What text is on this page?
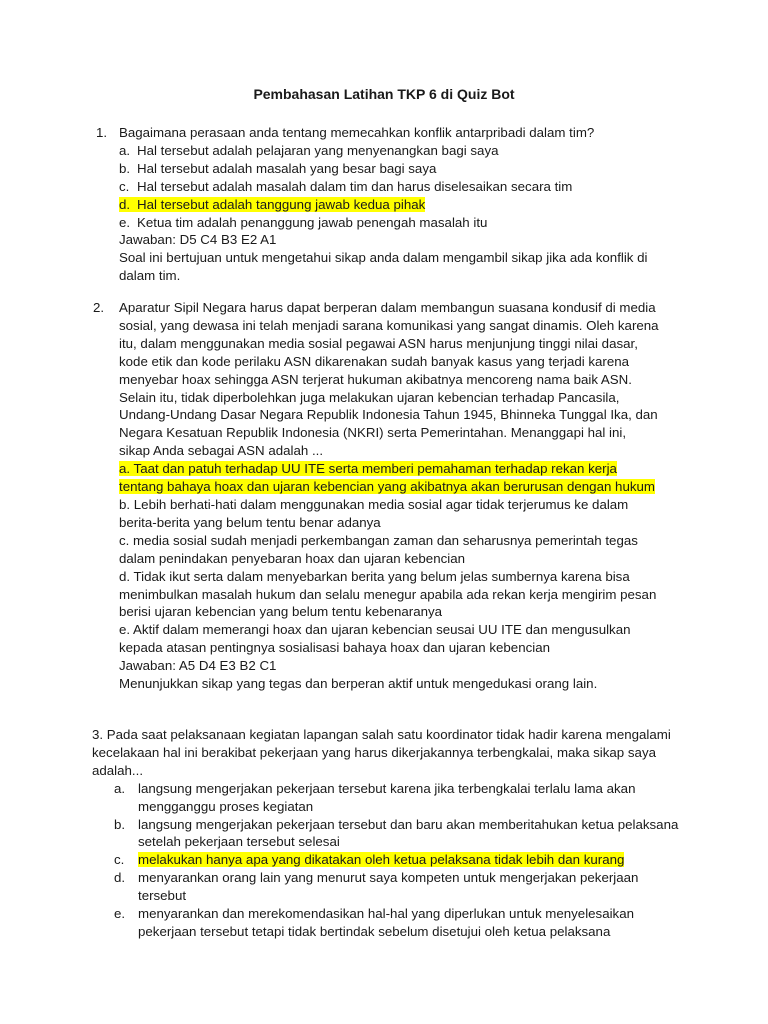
Pembahasan Latihan TKP 6 di Quiz Bot
1. Bagaimana perasaan anda tentang memecahkan konflik antarpribadi dalam tim?

a. Hal tersebut adalah pelajaran yang menyenangkan bagi saya

b. Hal tersebut adalah masalah yang besar bagi saya

c. Hal tersebut adalah masalah dalam tim dan harus diselesaikan secara tim

d. Hal tersebut adalah tanggung jawab kedua pihak

e. Ketua tim adalah penanggung jawab penengah masalah itu

Jawaban: D5 C4 B3 E2 A1

Soal ini bertujuan untuk mengetahui sikap anda dalam mengambil sikap jika ada konflik di dalam tim.

2. Aparatur Sipil Negara harus dapat berperan dalam membangun suasana kondusif di media sosial, yang dewasa ini telah menjadi sarana komunikasi yang sangat dinamis. Oleh karena itu, dalam menggunakan media sosial pegawai ASN harus menjunjung tinggi nilai dasar, kode etik dan kode perilaku ASN dikarenakan sudah banyak kasus yang terjadi karena menyebar hoax sehingga ASN terjerat hukuman akibatnya mencoreng nama baik ASN. Selain itu, tidak diperbolehkan juga melakukan ujaran kebencian terhadap Pancasila, Undang-Undang Dasar Negara Republik Indonesia Tahun 1945, Bhinneka Tunggal Ika, dan Negara Kesatuan Republik Indonesia (NKRI) serta Pemerintahan. Menanggapi hal ini, sikap Anda sebagai ASN adalah ...

a. Taat dan patuh terhadap UU ITE serta memberi pemahaman terhadap rekan kerja tentang bahaya hoax dan ujaran kebencian yang akibatnya akan berurusan dengan hukum

b. Lebih berhati-hati dalam menggunakan media sosial agar tidak terjerumus ke dalam berita-berita yang belum tentu benar adanya

c. media sosial sudah menjadi perkembangan zaman dan seharusnya pemerintah tegas dalam penindakan penyebaran hoax dan ujaran kebencian

d. Tidak ikut serta dalam menyebarkan berita yang belum jelas sumbernya karena bisa menimbulkan masalah hukum dan selalu menegur apabila ada rekan kerja mengirim pesan berisi ujaran kebencian yang belum tentu kebenaranya

e. Aktif dalam memerangi hoax dan ujaran kebencian seusai UU ITE dan mengusulkan kepada atasan pentingnya sosialisasi bahaya hoax dan ujaran kebencian

Jawaban: A5 D4 E3 B2 C1

Menunjukkan sikap yang tegas dan berperan aktif untuk mengedukasi orang lain.

3. Pada saat pelaksanaan kegiatan lapangan salah satu koordinator tidak hadir karena mengalami kecelakaan hal ini berakibat pekerjaan yang harus dikerjakannya terbengkalai, maka sikap saya adalah...

a. langsung mengerjakan pekerjaan tersebut karena jika terbengkalai terlalu lama akan mengganggu proses kegiatan

b. langsung mengerjakan pekerjaan tersebut dan baru akan memberitahukan ketua pelaksana setelah pekerjaan tersebut selesai

c. melakukan hanya apa yang dikatakan oleh ketua pelaksana tidak lebih dan kurang

d. menyarankan orang lain yang menurut saya kompeten untuk mengerjakan pekerjaan tersebut

e. menyarankan dan merekomendasikan hal-hal yang diperlukan untuk menyelesaikan pekerjaan tersebut tetapi tidak bertindak sebelum disetujui oleh ketua pelaksana
